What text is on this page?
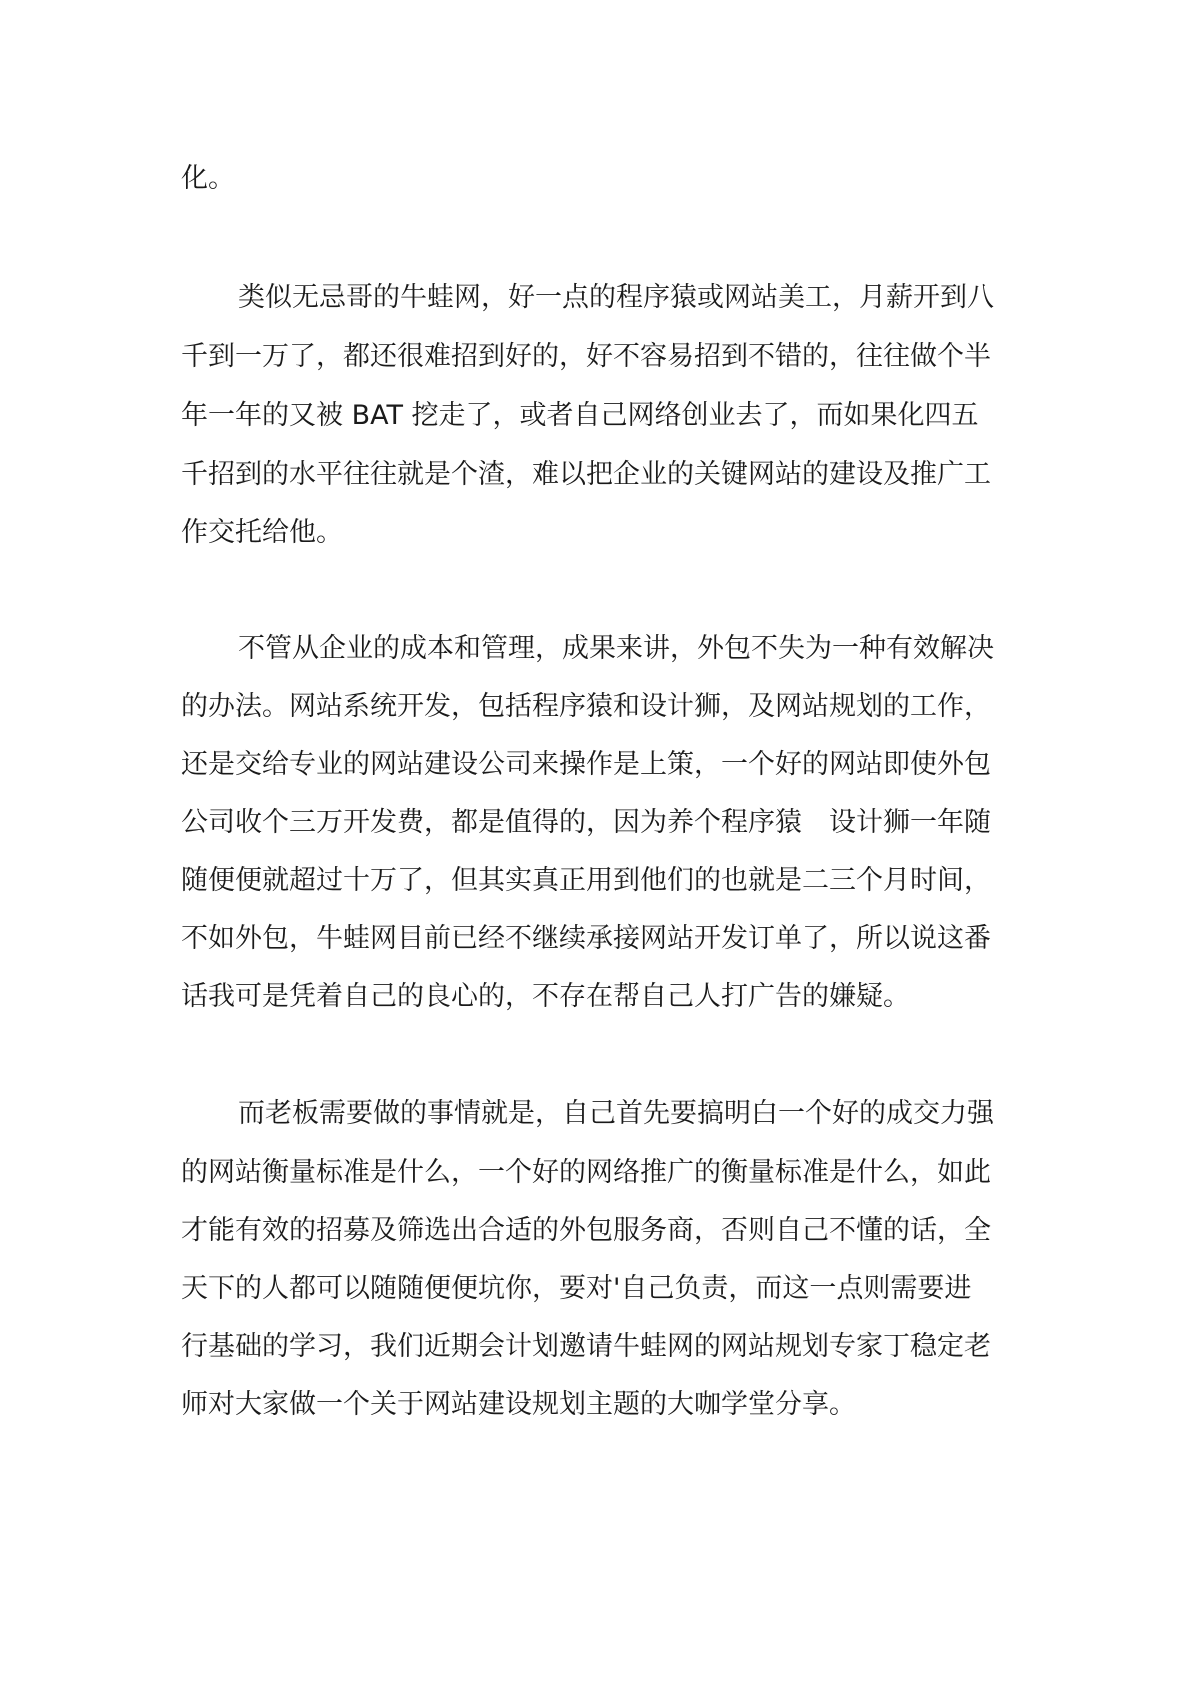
化。
类似无忌哥的牛蛙网，好一点的程序猿或网站美工，月薪开到八
千到一万了，都还很难招到好的，好不容易招到不错的，往往做个半
年一年的又被 BAT 挖走了，或者自己网络创业去了，而如果化四五
千招到的水平往往就是个渣，难以把企业的关键网站的建设及推广工
作交托给他。
不管从企业的成本和管理，成果来讲，外包不失为一种有效解决
的办法。网站系统开发，包括程序猿和设计狮，及网站规划的工作，
还是交给专业的网站建设公司来操作是上策，一个好的网站即使外包
公司收个三万开发费，都是值得的，因为养个程序猿　设计狮一年随
随便便就超过十万了，但其实真正用到他们的也就是二三个月时间，
不如外包，牛蛙网目前已经不继续承接网站开发订单了，所以说这番
话我可是凭着自己的良心的，不存在帮自己人打广告的嫌疑。
而老板需要做的事情就是，自己首先要搞明白一个好的成交力强
的网站衡量标准是什么，一个好的网络推广的衡量标准是什么，如此
才能有效的招募及筛选出合适的外包服务商，否则自己不懂的话，全
天下的人都可以随随便便坑你，要对'自己负责，而这一点则需要进
行基础的学习，我们近期会计划邀请牛蛙网的网站规划专家丁稳定老
师对大家做一个关于网站建设规划主题的大咖学堂分享。
